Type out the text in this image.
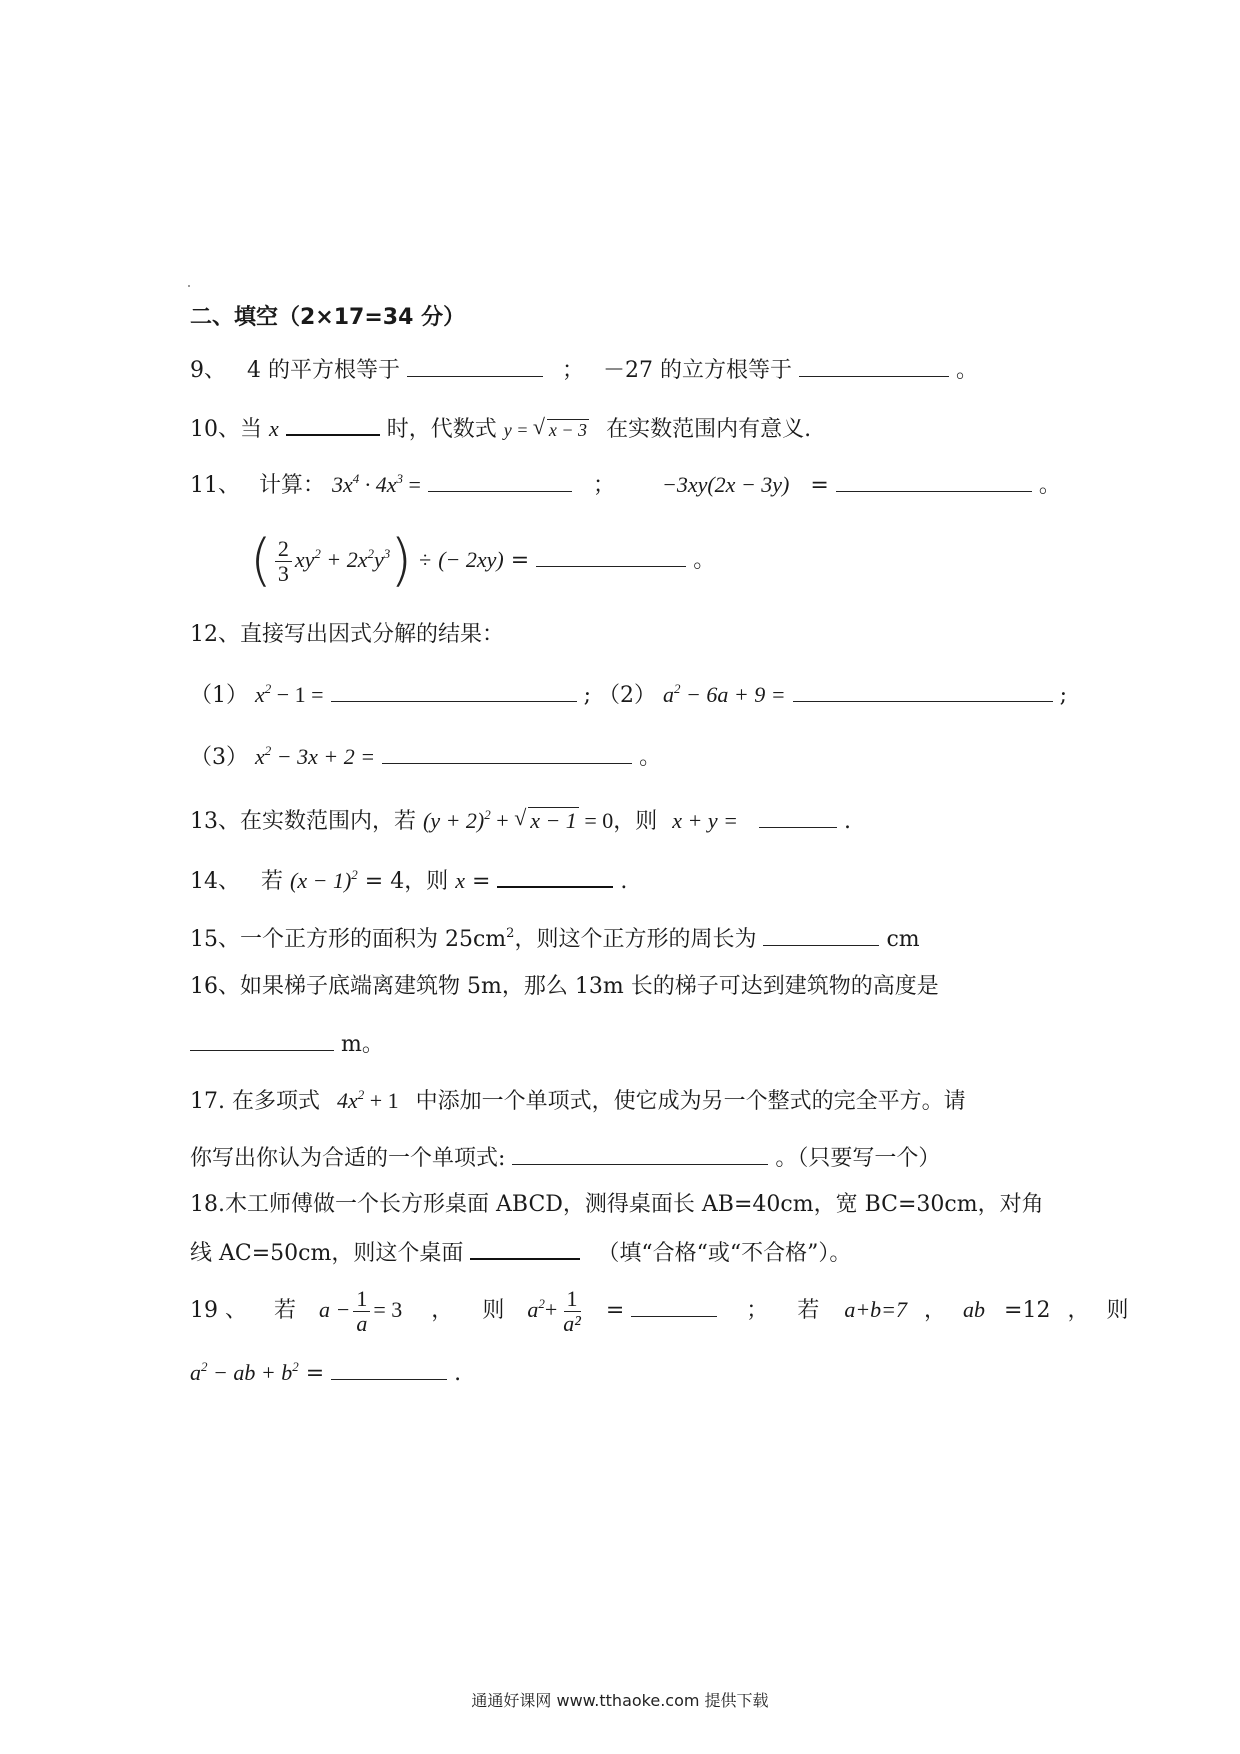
二、填空（2×17=34 分）
9、 4 的平方根等于	； －27 的立方根等于	。
10、当 x	时，代数式 y = √ x − 3 在实数范围内有意义.
11、 计算： $3x^4 \cdot 4x^3$ =	； −3xy(2x − 3y) =	。
( $\frac{2}{3} xy^2 + 2x^2y^3$) ÷ (− 2xy) =	。
12、直接写出因式分解的结果：
（1） $x^2 - 1$ =	; （2） $a^2 - 6a + 9$ =	;
（3） $x^2 - 3x + 2$ =	。
13、在实数范围内，若 $(y + 2)^2$ + √ x − 1 = 0，则 x + y =	.
14、 若 $(x - 1)^2 = 4$，则 x =	.
15、一个正方形的面积为 $25cm^2$，则这个正方形的周长为	cm
16、如果梯子底端离建筑物 5m，那么 13m 长的梯子可达到建筑物的高度是
m。
17. 在多项式 $4x^2 + 1$ 中添加一个单项式，使它成为另一个整式的完全平方。请
你写出你认为合适的一个单项式:	。（只要写一个）
18.木工师傅做一个长方形桌面 ABCD，测得桌面长 AB=40cm，宽 BC=30cm，对角
线 AC=50cm，则这个桌面	（填“合格“或“不合格”）。
19 、 若 $a - \frac{1}{a} = 3$ ， 则 $a^2+ \frac{1}{\text{a²}}$ =	； 若 a+b=7 ， ab =12 ， 则
$a^2$ − ab + $b^2$ =	.
通通好课网 www.tthaoke.com 提供下载
